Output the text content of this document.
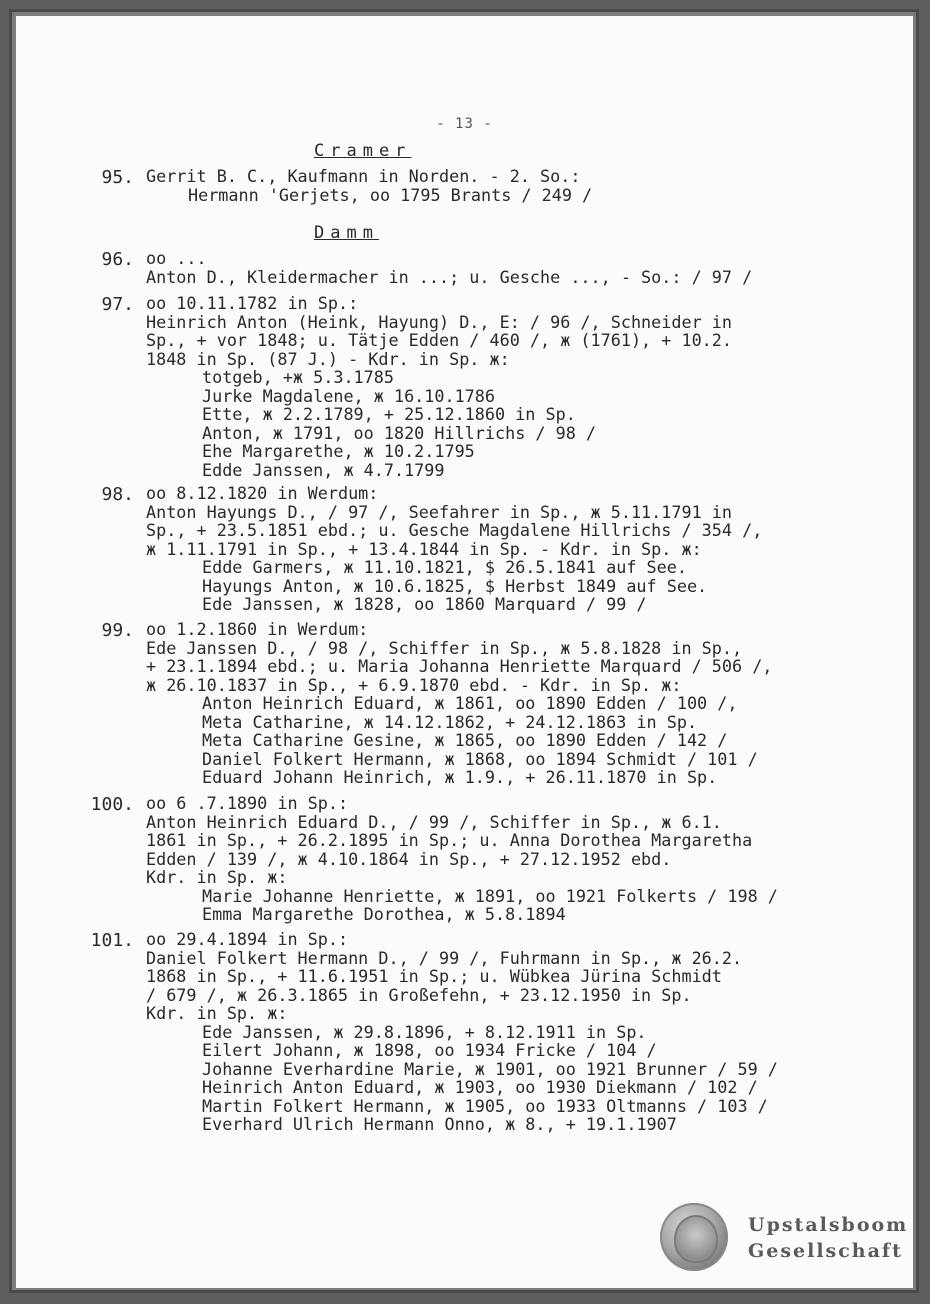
- 13 -
Cramer
95. Gerrit B. C., Kaufmann in Norden. - 2. So.:
Hermann 'Gerjets, oo 1795 Brants / 249 /
Damm
96. oo ...
Anton D., Kleidermacher in ...; u. Gesche ..., - So.: / 97 /
97. oo 10.11.1782 in Sp.:
Heinrich Anton (Heink, Hayung) D., E: / 96 /, Schneider in
Sp., + vor 1848; u. Tätje Edden / 460 /, ж (1761), + 10.2.
1848 in Sp. (87 J.) - Kdr. in Sp. ж:
totgeb, +ж 5.3.1785
Jurke Magdalene, ж 16.10.1786
Ette, ж 2.2.1789, + 25.12.1860 in Sp.
Anton, ж 1791, oo 1820 Hillrichs / 98 /
Ehe Margarethe, ж 10.2.1795
Edde Janssen, ж 4.7.1799
98. oo 8.12.1820 in Werdum:
Anton Hayungs D., / 97 /, Seefahrer in Sp., ж 5.11.1791 in
Sp., + 23.5.1851 ebd.; u. Gesche Magdalene Hillrichs / 354 /,
ж 1.11.1791 in Sp., + 13.4.1844 in Sp. - Kdr. in Sp. ж:
Edde Garmers, ж 11.10.1821, $ 26.5.1841 auf See.
Hayungs Anton, ж 10.6.1825, $ Herbst 1849 auf See.
Ede Janssen, ж 1828, oo 1860 Marquard / 99 /
99. oo 1.2.1860 in Werdum:
Ede Janssen D., / 98 /, Schiffer in Sp., ж 5.8.1828 in Sp.,
+ 23.1.1894 ebd.; u. Maria Johanna Henriette Marquard / 506 /,
ж 26.10.1837 in Sp., + 6.9.1870 ebd. - Kdr. in Sp. ж:
Anton Heinrich Eduard, ж 1861, oo 1890 Edden / 100 /,
Meta Catharine, ж 14.12.1862, + 24.12.1863 in Sp.
Meta Catharine Gesine, ж 1865, oo 1890 Edden / 142 /
Daniel Folkert Hermann, ж 1868, oo 1894 Schmidt / 101 /
Eduard Johann Heinrich, ж 1.9., + 26.11.1870 in Sp.
100. oo 6 .7.1890 in Sp.:
Anton Heinrich Eduard D., / 99 /, Schiffer in Sp., ж 6.1.
1861 in Sp., + 26.2.1895 in Sp.; u. Anna Dorothea Margaretha
Edden / 139 /, ж 4.10.1864 in Sp., + 27.12.1952 ebd.
Kdr. in Sp. ж:
Marie Johanne Henriette, ж 1891, oo 1921 Folkerts / 198 /
Emma Margarethe Dorothea, ж 5.8.1894
101. oo 29.4.1894 in Sp.:
Daniel Folkert Hermann D., / 99 /, Fuhrmann in Sp., ж 26.2.
1868 in Sp., + 11.6.1951 in Sp.; u. Wübkea Jürina Schmidt
/ 679 /, ж 26.3.1865 in Großefehn, + 23.12.1950 in Sp.
Kdr. in Sp. ж:
Ede Janssen, ж 29.8.1896, + 8.12.1911 in Sp.
Eilert Johann, ж 1898, oo 1934 Fricke / 104 /
Johanne Everhardine Marie, ж 1901, oo 1921 Brunner / 59 /
Heinrich Anton Eduard, ж 1903, oo 1930 Diekmann / 102 /
Martin Folkert Hermann, ж 1905, oo 1933 Oltmanns / 103 /
Everhard Ulrich Hermann Onno, ж 8., + 19.1.1907
Upstalsboom
Gesellschaft
